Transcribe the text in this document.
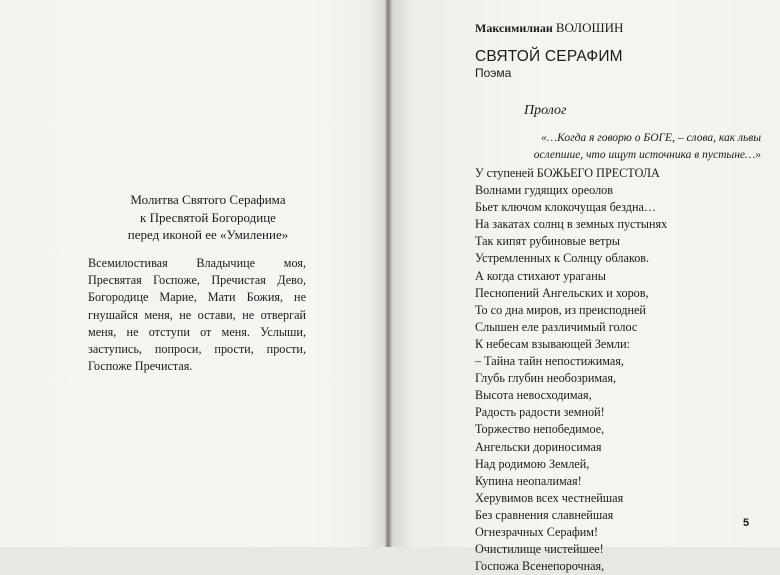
Молитва Святого Серафима
к Пресвятой Богородице
перед иконой ее «Умиление»
Всемилостивая Владычице моя, Пресвятая Госпоже, Пречистая Дево, Богородице Марие, Мати Божия, не гнушайся меня, не остави, не отвергай меня, не отступи от меня. Услыши, заступись, попроси, прости, прости, Госпоже Пречистая.
Максимилиан ВОЛОШИН
СВЯТОЙ СЕРАФИМ
Поэма
Пролог
«…Когда я говорю о БОГЕ, – слова, как львы
ослепшие, что ищут источника в пустыне…»
У ступеней БОЖЬЕГО ПРЕСТОЛА
Волнами гудящих ореолов
Бьет ключом клокочущая бездна…
На закатах солнц в земных пустынях
Так кипят рубиновые ветры
Устремленных к Солнцу облаков.
А когда стихают ураганы
Песнопений Ангельских и хоров,
То со дна миров, из преисподней
Слышен еле различимый голос
К небесам взывающей Земли:
– Тайна тайн непостижимая,
Глубь глубин необозримая,
Высота невосходимая,
Радость радости земной!
Торжество непобедимое,
Ангельски дориносимая
Над родимою Землей,
Купина неопалимая!
Херувимов всех честнейшая
Без сравнения славнейшая
Огнезрачных Серафим!
Очистилище чистейшее!
Госпожа Всенепорочная,
5
